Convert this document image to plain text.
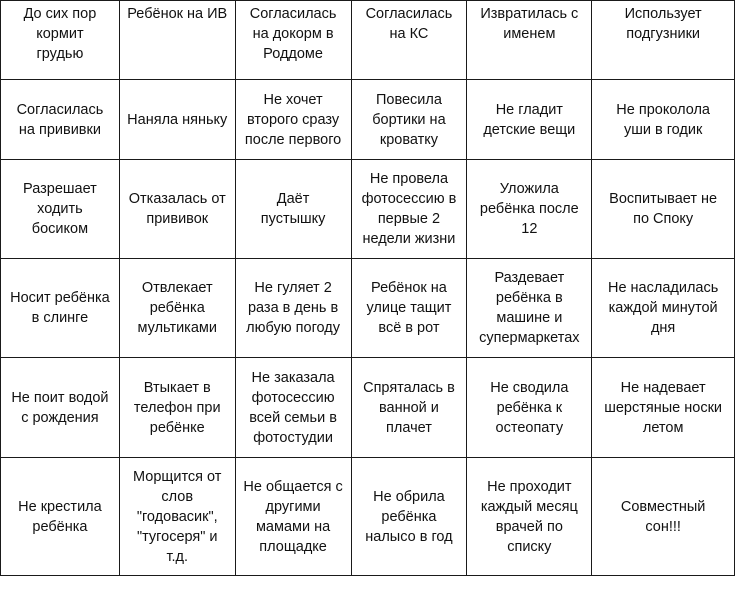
До сих пор
кормит
грудью	Ребёнок на ИВ	Согласилась
на докорм в
Роддоме	Согласилась
на КС	Извратилась с
именем	Использует
подгузники
Согласилась
на прививки	Наняла няньку	Не хочет
второго сразу
после первого	Повесила
бортики на
кроватку	Не гладит
детские вещи	Не проколола
уши в годик
Разрешает
ходить
босиком	Отказалась от
прививок	Даёт
пустышку	Не провела
фотосессию в
первые 2
недели жизни	Уложила
ребёнка после
12	Воспитывает не
по Споку
Носит ребёнка
в слинге	Отвлекает
ребёнка
мультиками	Не гуляет 2
раза в день в
любую погоду	Ребёнок на
улице тащит
всё в рот	Раздевает
ребёнка в
машине и
супермаркетах	Не насладилась
каждой минутой
дня
Не поит водой
с рождения	Втыкает в
телефон при
ребёнке	Не заказала
фотосессию
всей семьи в
фотостудии	Спряталась в
ванной и
плачет	Не сводила
ребёнка к
остеопату	Не надевает
шерстяные носки
летом
Не крестила
ребёнка	Морщится от
слов
"годовасик",
"тугосеря" и
т.д.	Не общается с
другими
мамами на
площадке	Не обрила
ребёнка
налысо в год	Не проходит
каждый месяц
врачей по
списку	Совместный
сон!!!
